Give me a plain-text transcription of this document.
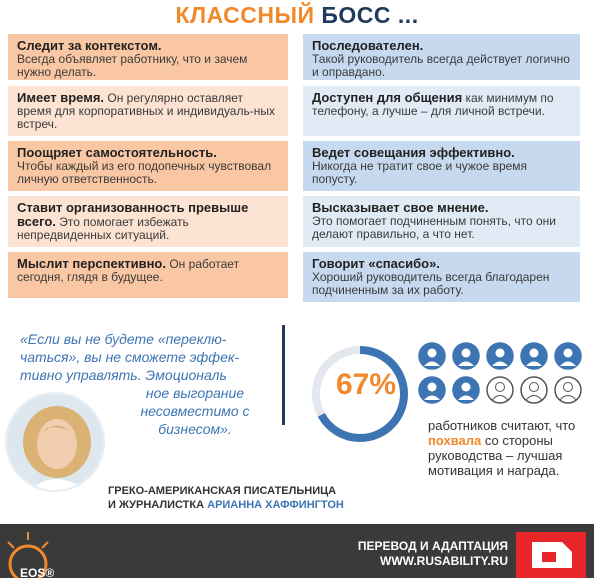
КЛАССНЫЙ БОСС ...
Следит за контекстом.
Всегда объявляет работнику, что и зачем нужно делать.
Имеет время. Он регулярно оставляет время для корпоративных и индивидуаль-ных встреч.
Поощряет самостоятельность.
Чтобы каждый из его подопечных чувствовал личную ответственность.
Ставит организованность превыше всего. Это помогает избежать непредвиденных ситуаций.
Мыслит перспективно. Он работает сегодня, глядя в будущее.
Последователен.
Такой руководитель всегда действует логично и оправдано.
Доступен для общения как минимум по телефону, а лучше – для личной встречи.
Ведет совещания эффективно.
Никогда не тратит свое и чужое время попусту.
Высказывает свое мнение.
Это помогает подчиненным понять, что они делают правильно, а что нет.
Говорит «спасибо».
Хороший руководитель всегда благодарен подчиненным за их работу.
«Если вы не будете «переклю-чаться», вы не сможете эффек-тивно управлять. Эмоциональ
ное выгорание несовместимо с бизнесом».
ГРЕКО-АМЕРИКАНСКАЯ ПИСАТЕЛЬНИЦА
И ЖУРНАЛИСТКА АРИАННА ХАФФИНГТОН
67%
работников считают, что похвала со стороны руководства – лучшая мотивация и награда.
EOS®
ПЕРЕВОД И АДАПТАЦИЯ
WWW.RUSABILITY.RU
